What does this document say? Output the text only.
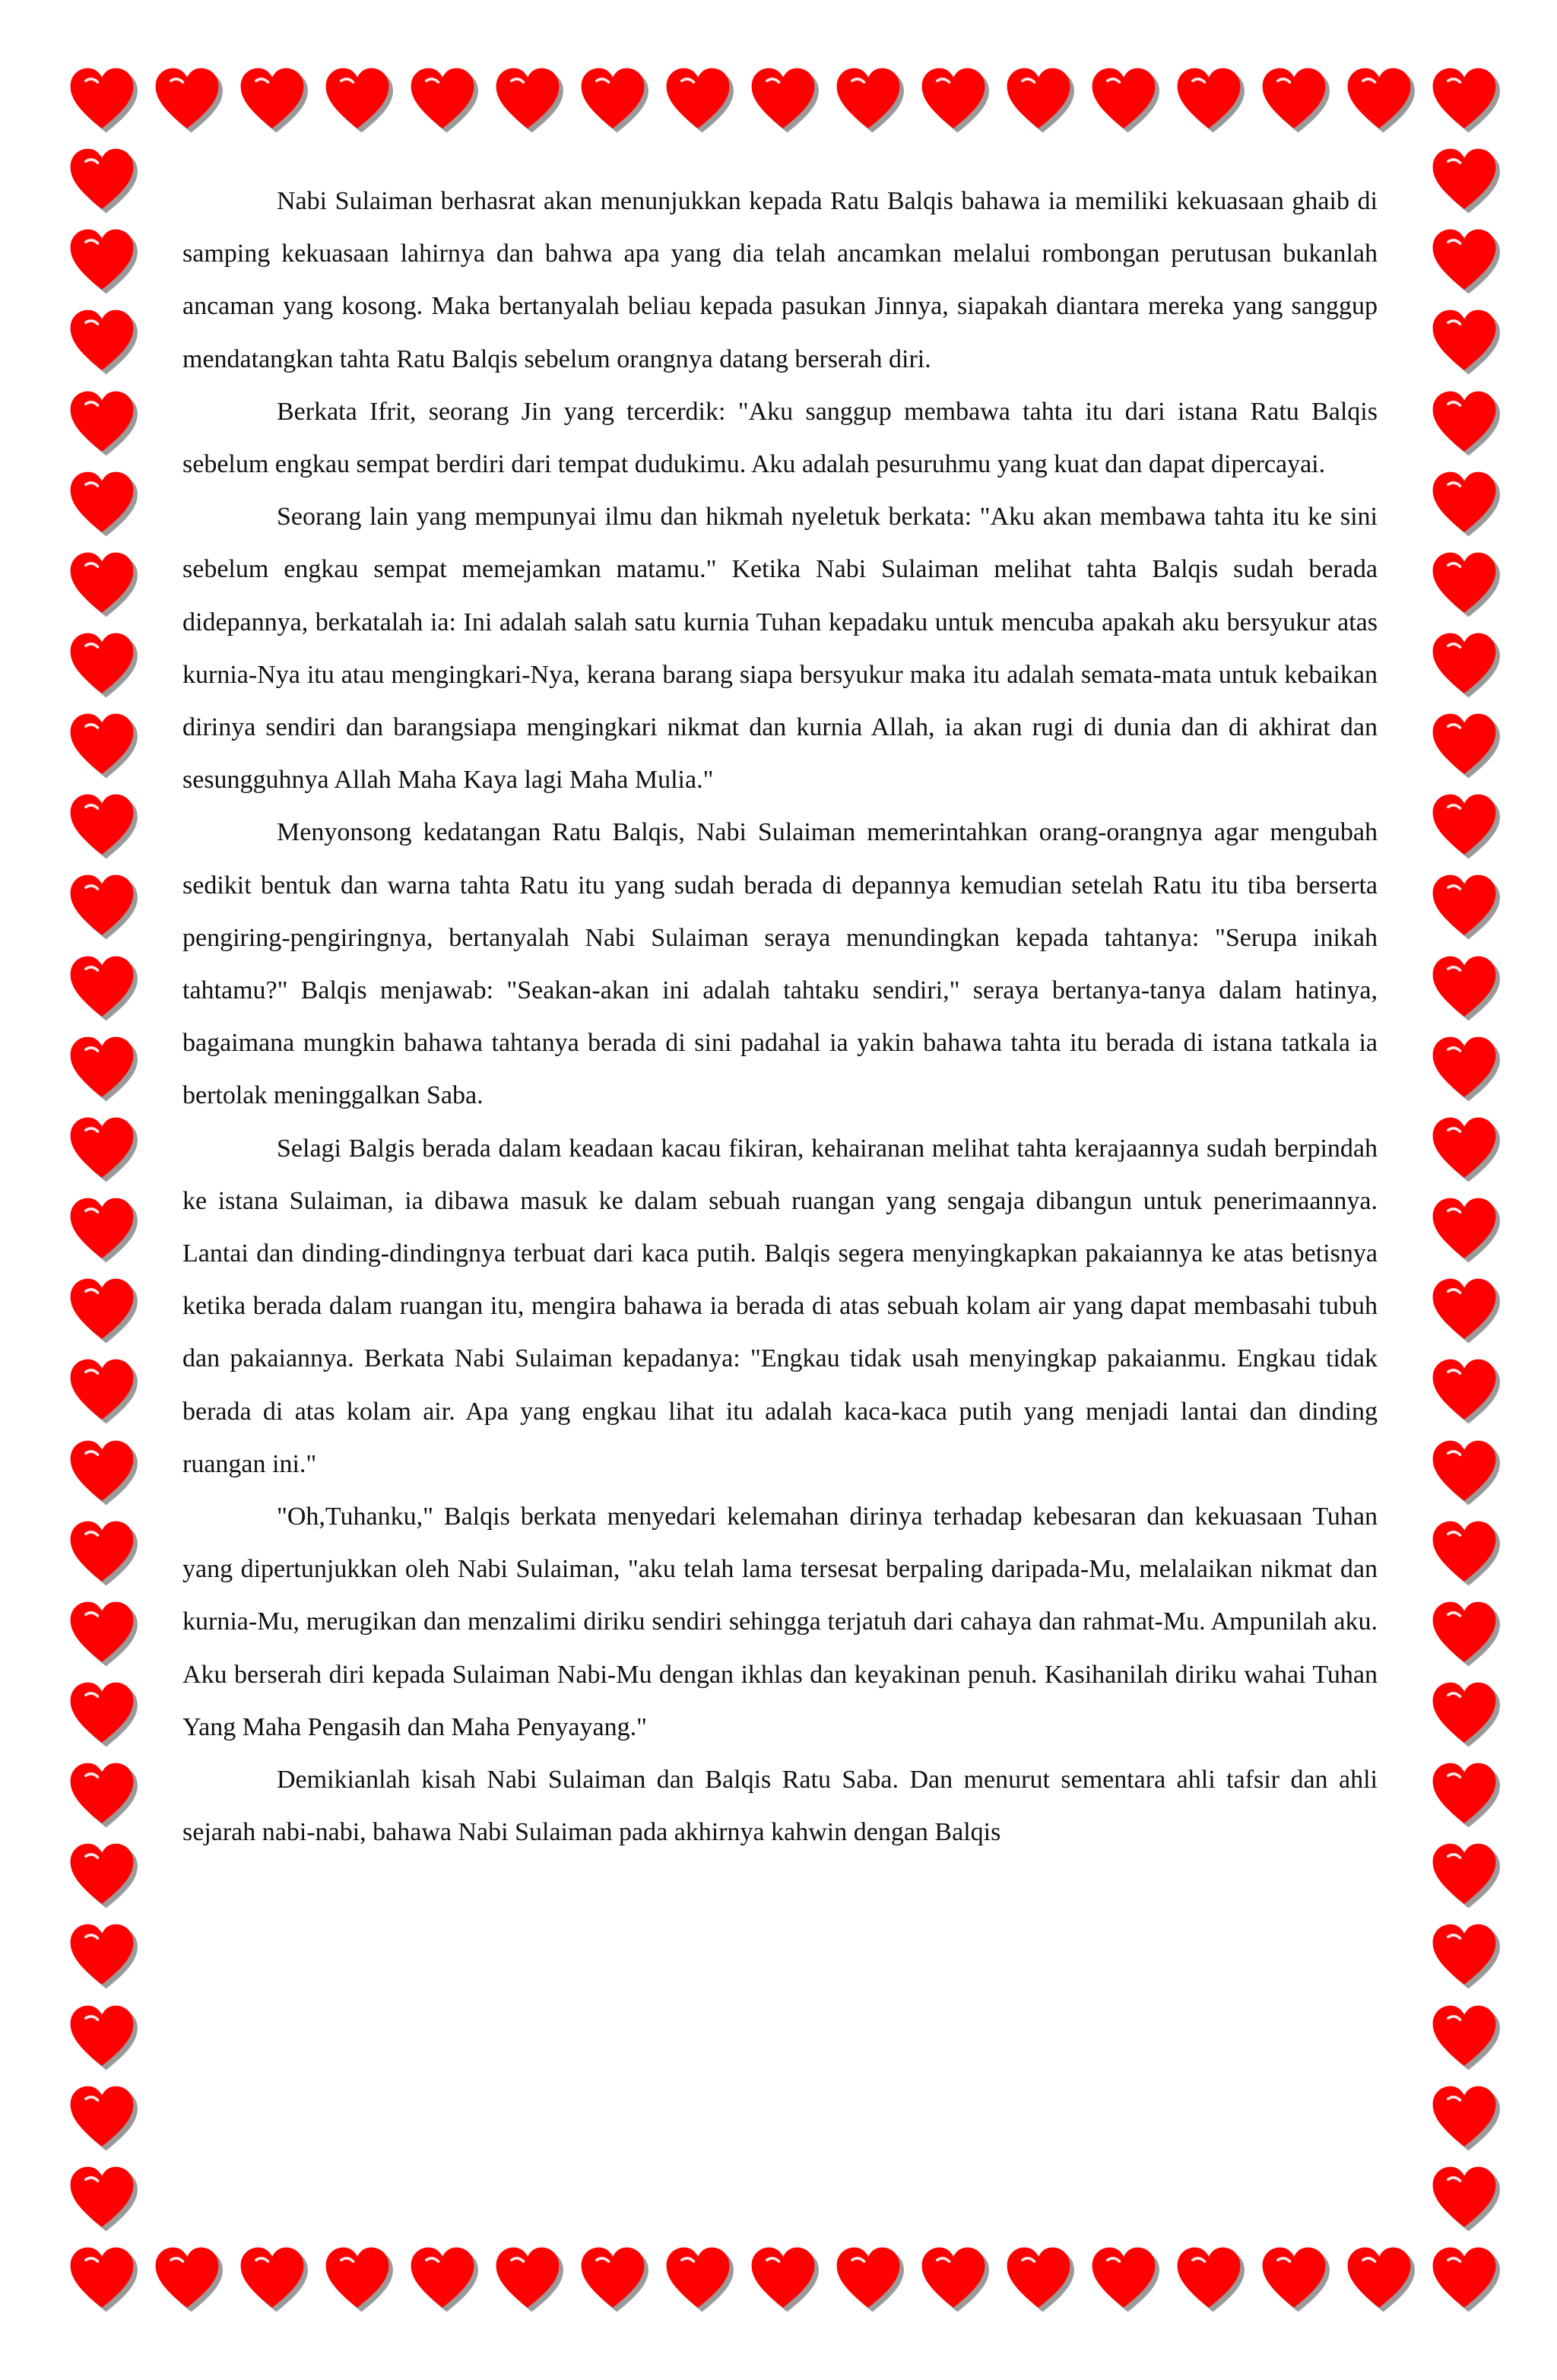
Nabi Sulaiman berhasrat akan menunjukkan kepada Ratu Balqis bahawa ia memiliki kekuasaan ghaib di samping kekuasaan lahirnya dan bahwa apa yang dia telah ancamkan melalui rombongan perutusan bukanlah ancaman yang kosong. Maka bertanyalah beliau kepada pasukan Jinnya, siapakah diantara mereka yang sanggup mendatangkan tahta Ratu Balqis sebelum orangnya datang berserah diri.

Berkata Ifrit, seorang Jin yang tercerdik: "Aku sanggup membawa tahta itu dari istana Ratu Balqis sebelum engkau sempat berdiri dari tempat dudukimu. Aku adalah pesuruhmu yang kuat dan dapat dipercayai.

Seorang lain yang mempunyai ilmu dan hikmah nyeletuk berkata: "Aku akan membawa tahta itu ke sini sebelum engkau sempat memejamkan matamu." Ketika Nabi Sulaiman melihat tahta Balqis sudah berada didepannya, berkatalah ia: Ini adalah salah satu kurnia Tuhan kepadaku untuk mencuba apakah aku bersyukur atas kurnia-Nya itu atau mengingkari-Nya, kerana barang siapa bersyukur maka itu adalah semata-mata untuk kebaikan dirinya sendiri dan barangsiapa mengingkari nikmat dan kurnia Allah, ia akan rugi di dunia dan di akhirat dan sesungguhnya Allah Maha Kaya lagi Maha Mulia."

Menyonsong kedatangan Ratu Balqis, Nabi Sulaiman memerintahkan orang-orangnya agar mengubah sedikit bentuk dan warna tahta Ratu itu yang sudah berada di depannya kemudian setelah Ratu itu tiba berserta pengiring-pengiringnya, bertanyalah Nabi Sulaiman seraya menundingkan kepada tahtanya: "Serupa inikah tahtamu?" Balqis menjawab: "Seakan-akan ini adalah tahtaku sendiri," seraya bertanya-tanya dalam hatinya, bagaimana mungkin bahawa tahtanya berada di sini padahal ia yakin bahawa tahta itu berada di istana tatkala ia bertolak meninggalkan Saba.

Selagi Balgis berada dalam keadaan kacau fikiran, kehairanan melihat tahta kerajaannya sudah berpindah ke istana Sulaiman, ia dibawa masuk ke dalam sebuah ruangan yang sengaja dibangun untuk penerimaannya. Lantai dan dinding-dindingnya terbuat dari kaca putih. Balqis segera menyingkapkan pakaiannya ke atas betisnya ketika berada dalam ruangan itu, mengira bahawa ia berada di atas sebuah kolam air yang dapat membasahi tubuh dan pakaiannya. Berkata Nabi Sulaiman kepadanya: "Engkau tidak usah menyingkap pakaianmu. Engkau tidak berada di atas kolam air. Apa yang engkau lihat itu adalah kaca-kaca putih yang menjadi lantai dan dinding ruangan ini."

"Oh,Tuhanku," Balqis berkata menyedari kelemahan dirinya terhadap kebesaran dan kekuasaan Tuhan yang dipertunjukkan oleh Nabi Sulaiman, "aku telah lama tersesat berpaling daripada-Mu, melalaikan nikmat dan kurnia-Mu, merugikan dan menzalimi diriku sendiri sehingga terjatuh dari cahaya dan rahmat-Mu. Ampunilah aku. Aku berserah diri kepada Sulaiman Nabi-Mu dengan ikhlas dan keyakinan penuh. Kasihanilah diriku wahai Tuhan Yang Maha Pengasih dan Maha Penyayang."

Demikianlah kisah Nabi Sulaiman dan Balqis Ratu Saba. Dan menurut sementara ahli tafsir dan ahli sejarah nabi-nabi, bahawa Nabi Sulaiman pada akhirnya kahwin dengan Balqis
